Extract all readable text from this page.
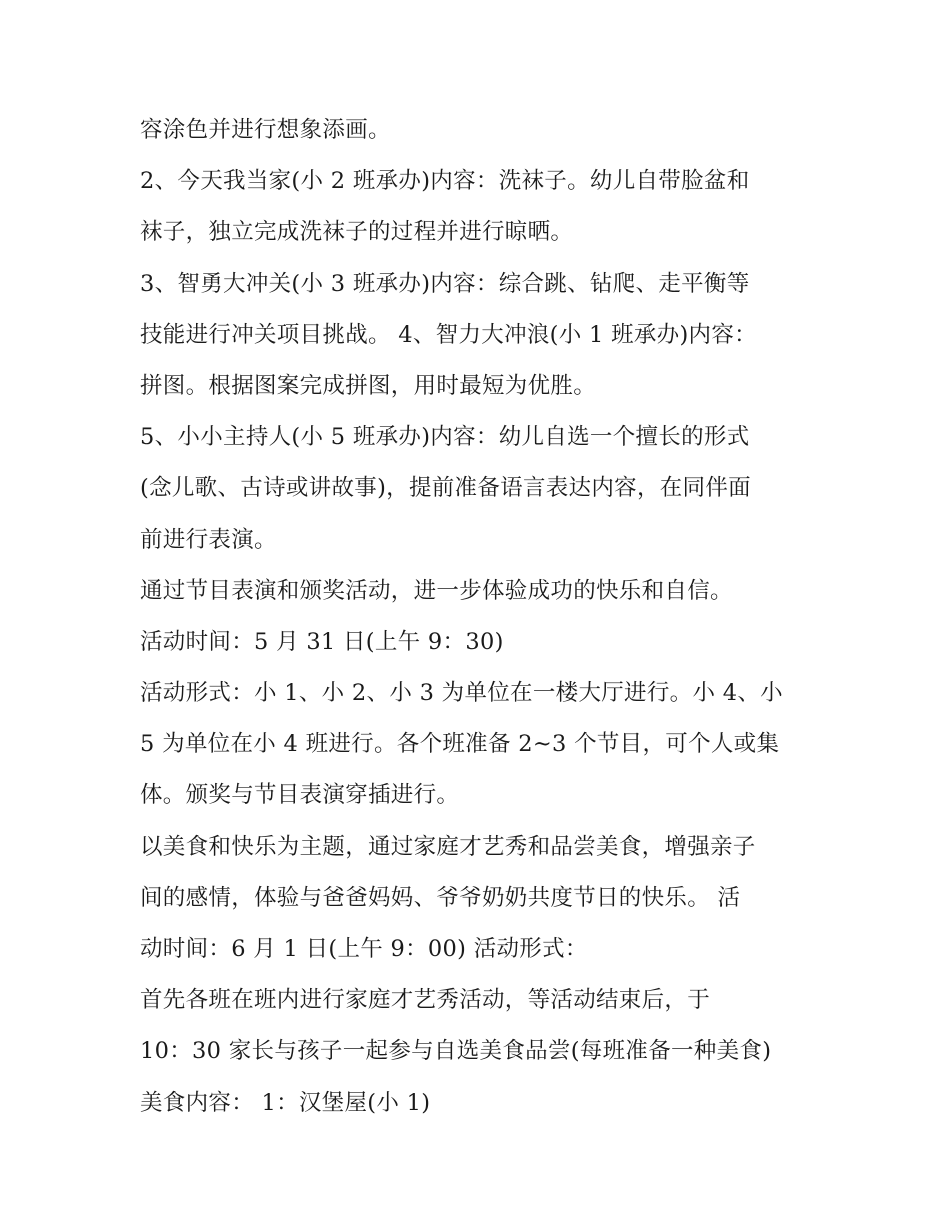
容涂色并进行想象添画。
2、今天我当家(小 2 班承办)内容：洗袜子。幼儿自带脸盆和
袜子，独立完成洗袜子的过程并进行晾晒。
3、智勇大冲关(小 3 班承办)内容：综合跳、钻爬、走平衡等
技能进行冲关项目挑战。 4、智力大冲浪(小 1 班承办)内容：
拼图。根据图案完成拼图，用时最短为优胜。
5、小小主持人(小 5 班承办)内容：幼儿自选一个擅长的形式
(念儿歌、古诗或讲故事)，提前准备语言表达内容，在同伴面
前进行表演。
通过节目表演和颁奖活动，进一步体验成功的快乐和自信。
活动时间：5 月 31 日(上午 9：30)
活动形式：小 1、小 2、小 3 为单位在一楼大厅进行。小 4、小
5 为单位在小 4 班进行。各个班准备 2~3 个节目，可个人或集
体。颁奖与节目表演穿插进行。
以美食和快乐为主题，通过家庭才艺秀和品尝美食，增强亲子
间的感情，体验与爸爸妈妈、爷爷奶奶共度节日的快乐。 活
动时间：6 月 1 日(上午 9：00) 活动形式：
首先各班在班内进行家庭才艺秀活动，等活动结束后，于
10：30 家长与孩子一起参与自选美食品尝(每班准备一种美食)
美食内容： 1：汉堡屋(小 1)
